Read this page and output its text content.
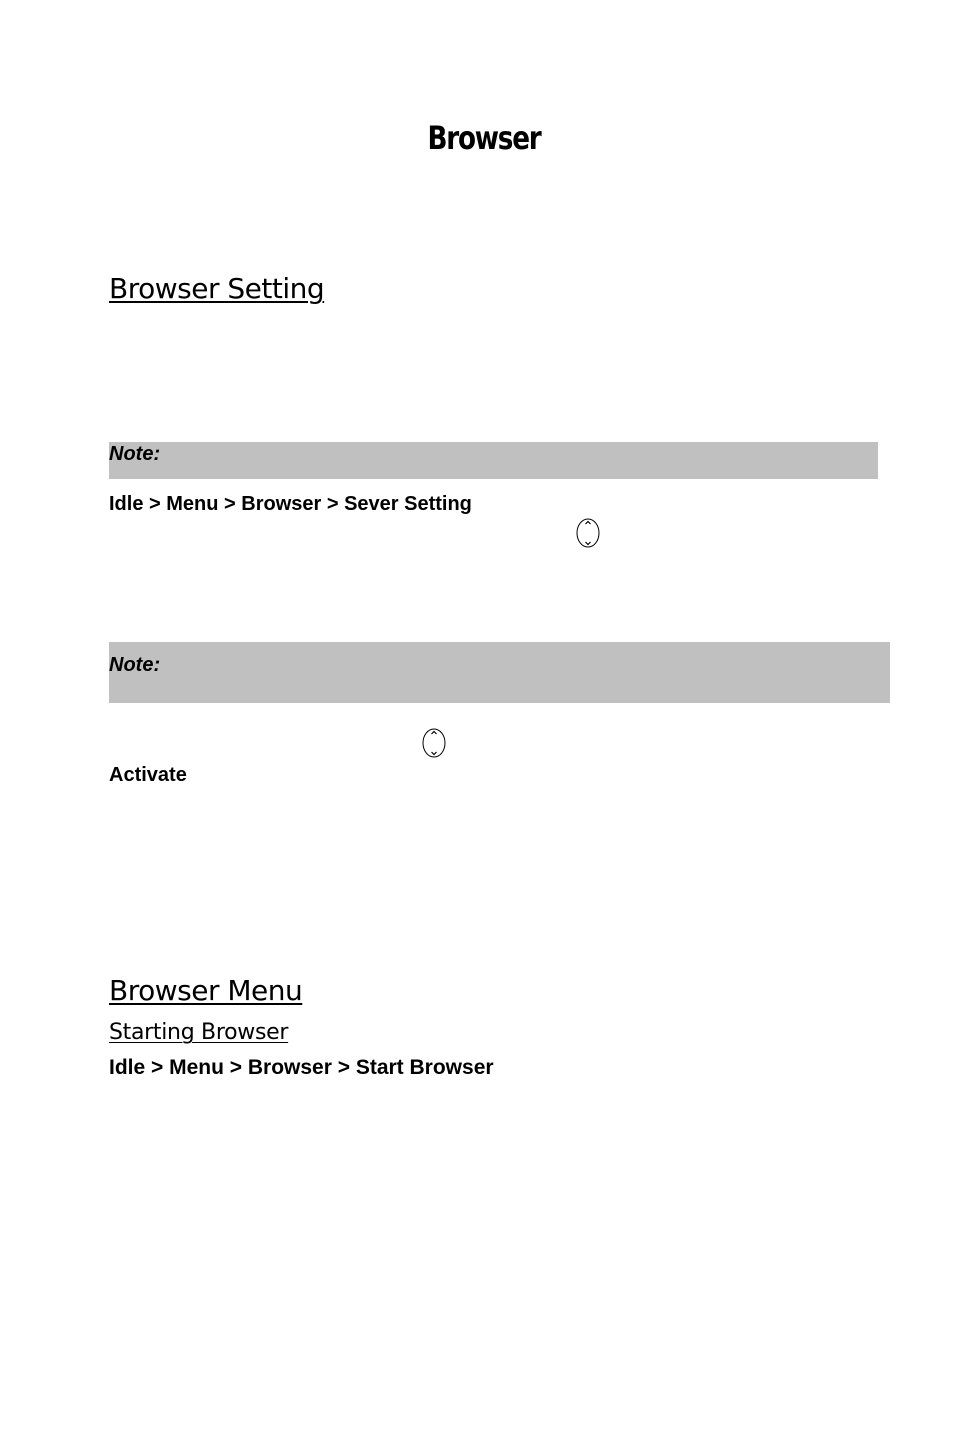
Browser
Browser Setting
Note:
Idle > Menu > Browser > Sever Setting
Note:
Activate
Browser Menu
Starting Browser
Idle > Menu > Browser > Start Browser
